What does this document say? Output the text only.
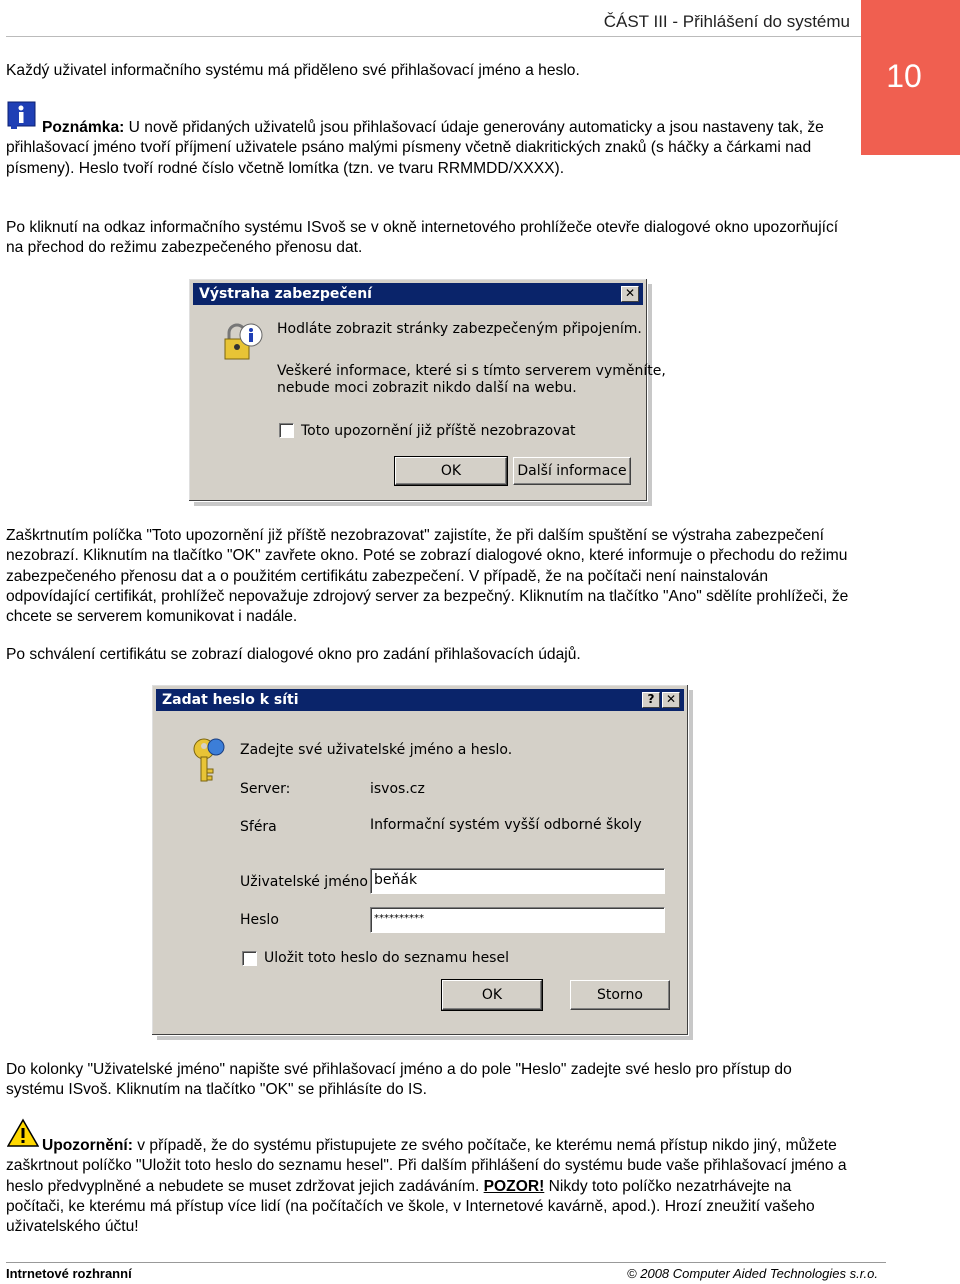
ČÁST III - Přihlášení do systému
10
Každý uživatel informačního systému má přiděleno své přihlašovací jméno a heslo.
Poznámka: U nově přidaných uživatelů jsou přihlašovací údaje generovány automaticky a jsou nastaveny tak, že přihlašovací jméno tvoří příjmení uživatele psáno malými písmeny včetně diakritických znaků (s háčky a čárkami nad písmeny). Heslo tvoří rodné číslo včetně lomítka (tzn. ve tvaru RRMMDD/XXXX).
Po kliknutí na odkaz informačního systému ISvoš se v okně internetového prohlížeče otevře dialogové okno upozorňující na přechod do režimu zabezpečeného přenosu dat.
Výstraha zabezpečení	✕
Hodláte zobrazit stránky zabezpečeným připojením.
Veškeré informace, které si s tímto serverem vyměníte,
nebude moci zobrazit nikdo další na webu.
Toto upozornění již příště nezobrazovat
OK	Další informace
Zaškrtnutím políčka "Toto upozornění již příště nezobrazovat" zajistíte, že při dalším spuštění se výstraha zabezpečení nezobrazí. Kliknutím na tlačítko "OK" zavřete okno. Poté se zobrazí dialogové okno, které informuje o přechodu do režimu zabezpečeného přenosu dat a o použitém certifikátu zabezpečení. V případě, že na počítači není nainstalován odpovídající certifikát, prohlížeč nepovažuje zdrojový server za bezpečný. Kliknutím na tlačítko "Ano" sdělíte prohlížeči, že chcete se serverem komunikovat i nadále.
Po schválení certifikátu se zobrazí dialogové okno pro zadání přihlašovacích údajů.
Zadat heslo k síti	? ✕
Zadejte své uživatelské jméno a heslo.
Server:	isvos.cz
Sféra	Informační systém vyšší odborné školy
Uživatelské jméno beňák
Heslo	**********
Uložit toto heslo do seznamu hesel
OK	Storno
Do kolonky "Uživatelské jméno" napište své přihlašovací jméno a do pole "Heslo" zadejte své heslo pro přístup do systému ISvoš. Kliknutím na tlačítko "OK" se přihlásíte do IS.
Upozornění: v případě, že do systému přistupujete ze svého počítače, ke kterému nemá přístup nikdo jiný, můžete zaškrtnout políčko "Uložit toto heslo do seznamu hesel". Při dalším přihlášení do systému bude vaše přihlašovací jméno a heslo předvyplněné a nebudete se muset zdržovat jejich zadáváním. POZOR! Nikdy toto políčko nezatrhávejte na počítači, ke kterému má přístup více lidí (na počítačích ve škole, v Internetové kavárně, apod.). Hrozí zneužití vašeho uživatelského účtu!
Intrnetové rozhranní	© 2008 Computer Aided Technologies s.r.o.
